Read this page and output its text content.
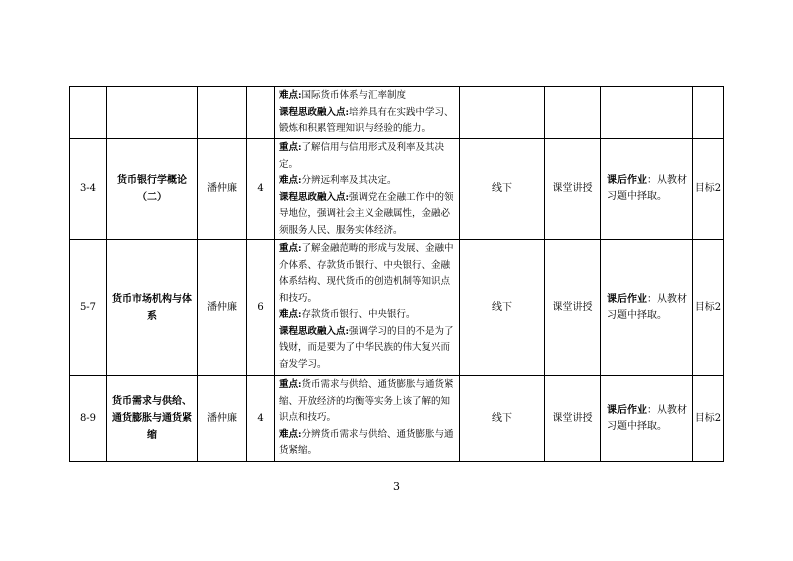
				难点:国际货币体系与汇率制度
课程思政融入点:培养具有在实践中学习、锻炼和积累管理知识与经验的能力。				

3-4	货币银行学概论（二）	潘仲廉	4	重点:了解信用与信用形式及利率及其决定。
难点:分辨远利率及其决定。
课程思政融入点:强调党在金融工作中的领导地位，强调社会主义金融属性，金融必须服务人民、服务实体经济。	线下	课堂讲授	课后作业：从教材习题中择取。	目标2
5-7	货币市场机构与体系	潘仲廉	6	重点:了解金融范畴的形成与发展、金融中介体系、存款货币银行、中央银行、金融体系结构、现代货币的创造机制等知识点和技巧。
难点:存款货币银行、中央银行。
课程思政融入点:强调学习的目的不是为了钱财，而是要为了中华民族的伟大复兴而奋发学习。	线下	课堂讲授	课后作业：从教材习题中择取。	目标2
8-9	货币需求与供给、通货膨胀与通货紧缩	潘仲廉	4	重点:货币需求与供给、通货膨胀与通货紧缩、开放经济的均衡等实务上该了解的知识点和技巧。
难点:分辨货币需求与供给、通货膨胀与通货紧缩。	线下	课堂讲授	课后作业：从教材习题中择取。	目标2
3
